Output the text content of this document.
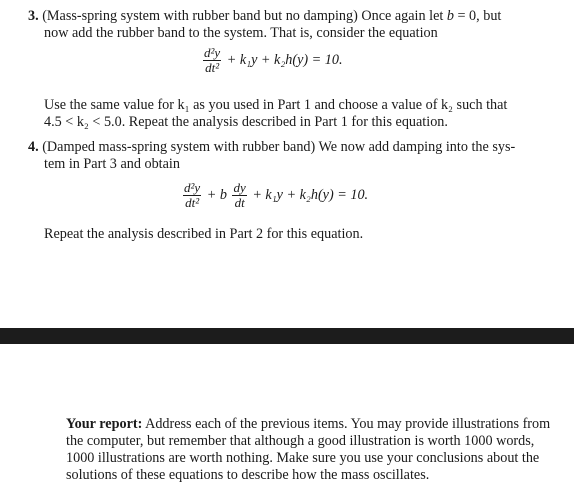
3. (Mass-spring system with rubber band but no damping) Once again let b = 0, but

now add the rubber band to the system. That is, consider the equation

$\frac{\text{d²y}}{\text{dt²}} + k_1y + k_2h(y) = 10$.

Use the same value for k₁ as you used in Part 1 and choose a value of k₂ such that

4.5 < k₂ < 5.0. Repeat the analysis described in Part 1 for this equation.

4. (Damped mass-spring system with rubber band) We now add damping into the sys-

tem in Part 3 and obtain

$\frac{\text{d²y}}{\text{dt²}} + b \frac{dy}{dt} + k_1y + k_2h(y) = 10$.

Repeat the analysis described in Part 2 for this equation.

Your report: Address each of the previous items. You may provide illustrations from the computer, but remember that although a good illustration is worth 1000 words, 1000 illustrations are worth nothing. Make sure you use your conclusions about the solutions of these equations to describe how the mass oscillates.
